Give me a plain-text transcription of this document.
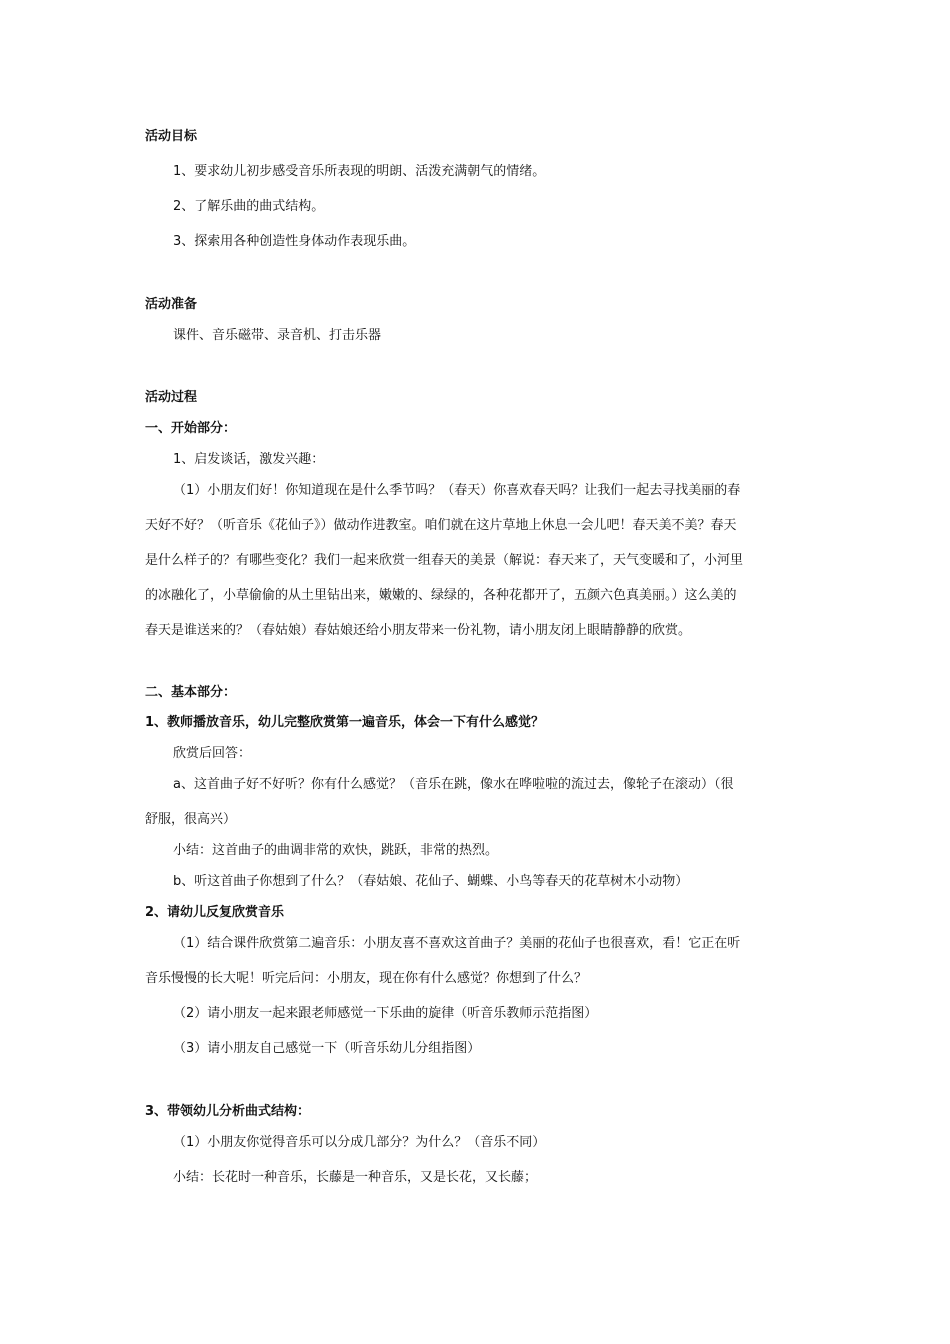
活动目标
1、要求幼儿初步感受音乐所表现的明朗、活泼充满朝气的情绪。
2、了解乐曲的曲式结构。
3、探索用各种创造性身体动作表现乐曲。
活动准备
课件、音乐磁带、录音机、打击乐器
活动过程
一、开始部分：
1、启发谈话，激发兴趣：
（1）小朋友们好！你知道现在是什么季节吗？（春天）你喜欢春天吗？让我们一起去寻找美丽的春
天好不好？（听音乐《花仙子》）做动作进教室。咱们就在这片草地上休息一会儿吧！春天美不美？春天
是什么样子的？有哪些变化？我们一起来欣赏一组春天的美景（解说：春天来了，天气变暖和了，小河里
的冰融化了，小草偷偷的从土里钻出来，嫩嫩的、绿绿的，各种花都开了，五颜六色真美丽。）这么美的
春天是谁送来的？（春姑娘）春姑娘还给小朋友带来一份礼物，请小朋友闭上眼睛静静的欣赏。
二、基本部分：
1、教师播放音乐，幼儿完整欣赏第一遍音乐，体会一下有什么感觉？
欣赏后回答：
a、这首曲子好不好听？你有什么感觉？（音乐在跳，像水在哗啦啦的流过去，像轮子在滚动）（很
舒服，很高兴）
小结：这首曲子的曲调非常的欢快，跳跃，非常的热烈。
b、听这首曲子你想到了什么？（春姑娘、花仙子、蝴蝶、小鸟等春天的花草树木小动物）
2、请幼儿反复欣赏音乐
（1）结合课件欣赏第二遍音乐：小朋友喜不喜欢这首曲子？美丽的花仙子也很喜欢，看！它正在听
音乐慢慢的长大呢！听完后问：小朋友，现在你有什么感觉？你想到了什么？
（2）请小朋友一起来跟老师感觉一下乐曲的旋律（听音乐教师示范指图）
（3）请小朋友自己感觉一下（听音乐幼儿分组指图）
3、带领幼儿分析曲式结构：
（1）小朋友你觉得音乐可以分成几部分？为什么？（音乐不同）
小结：长花时一种音乐，长藤是一种音乐，又是长花，又长藤；
